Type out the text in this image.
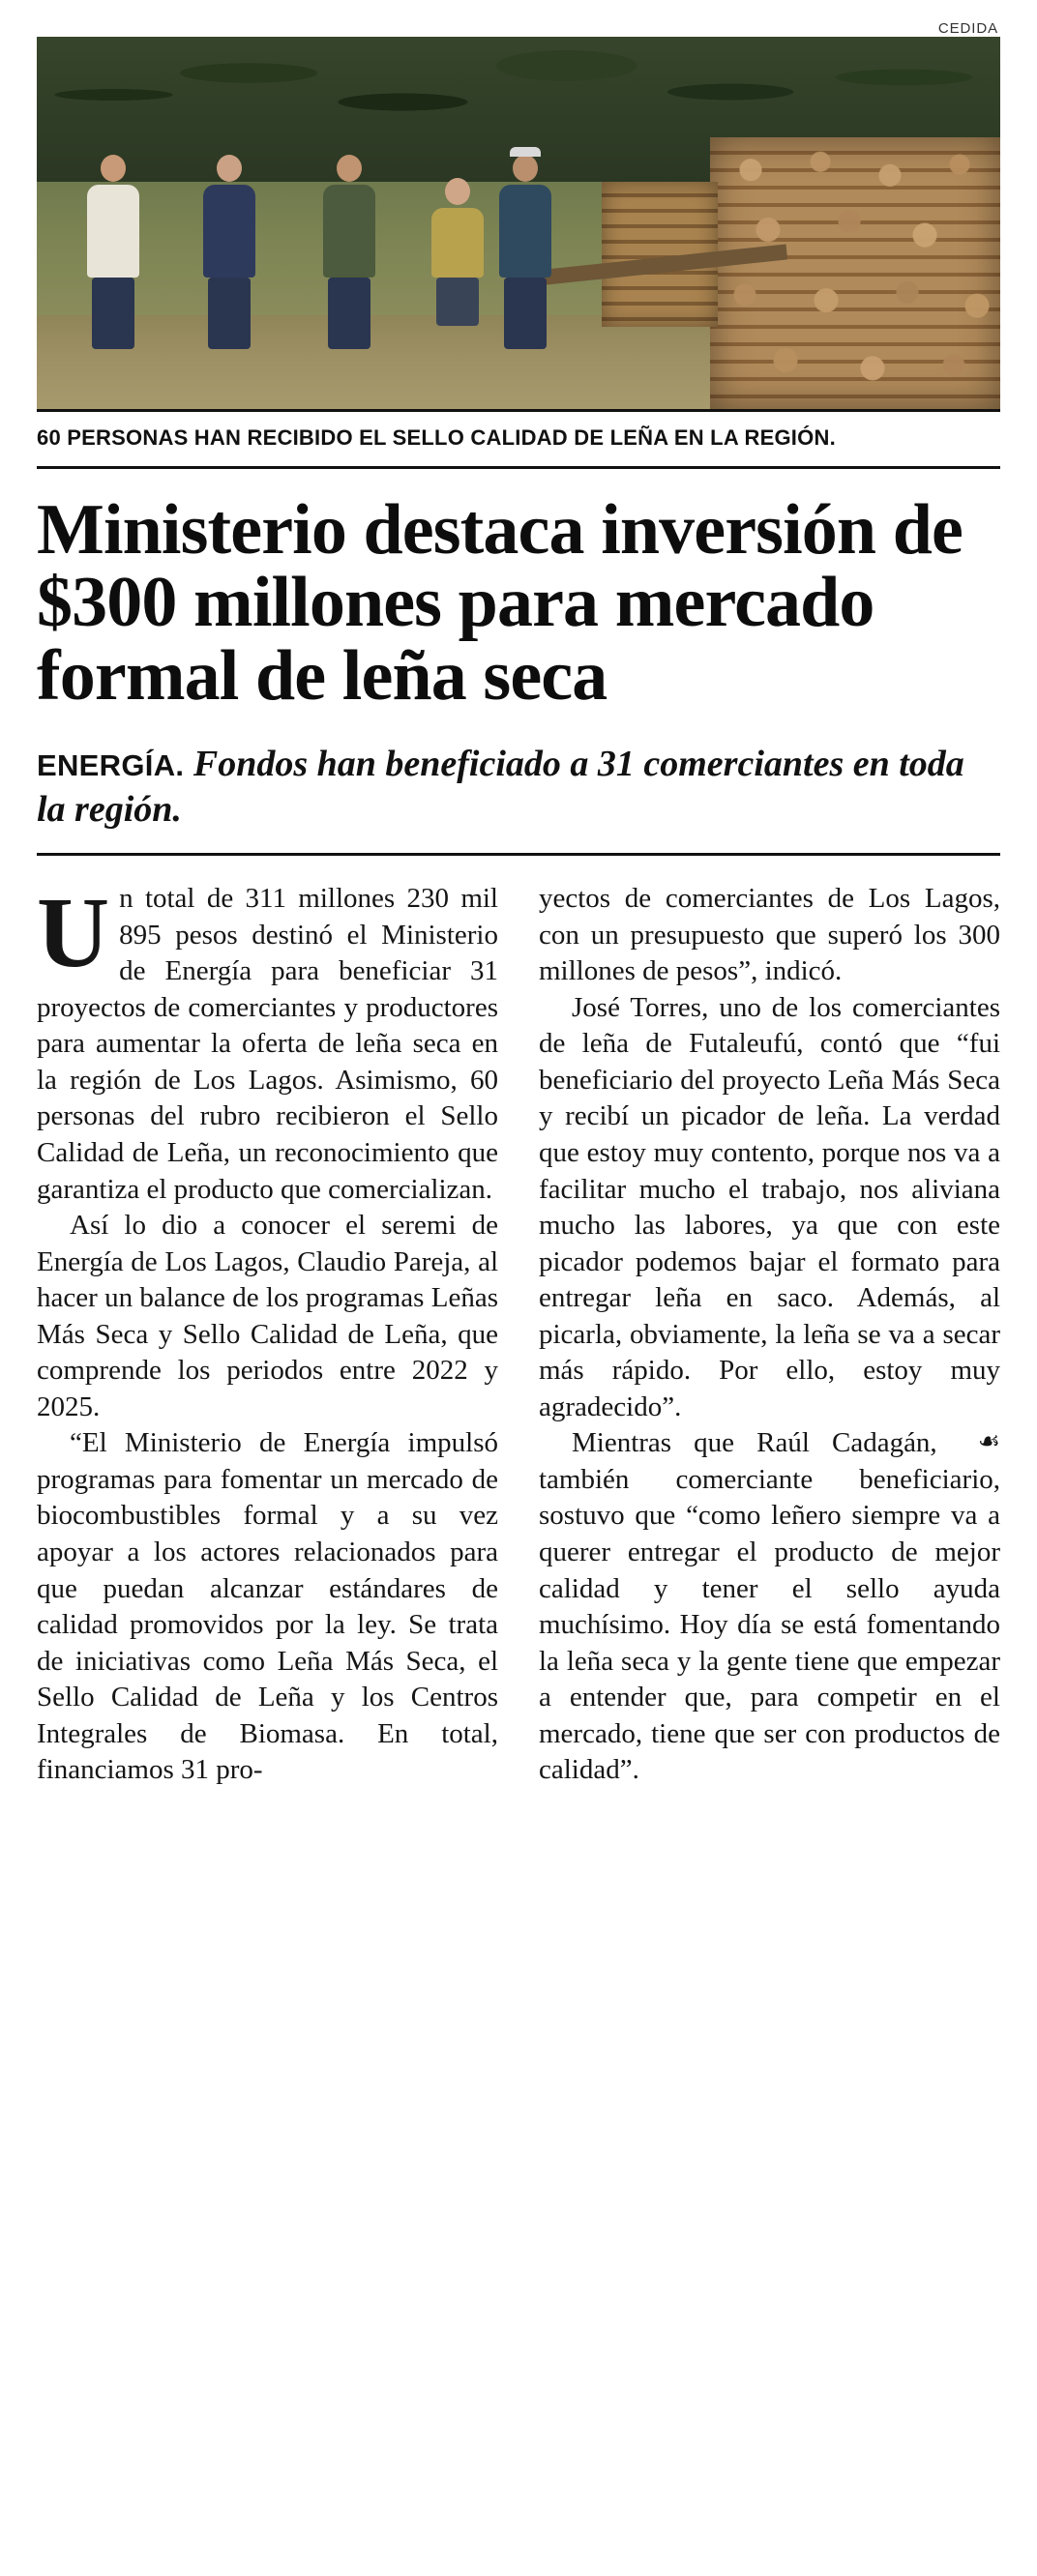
CEDIDA
60 PERSONAS HAN RECIBIDO EL SELLO CALIDAD DE LEÑA EN LA REGIÓN.
Ministerio destaca inversión de $300 millones para mercado formal de leña seca
ENERGÍA. Fondos han beneficiado a 31 comerciantes en toda la región.

Un total de 311 millones 230 mil 895 pesos destinó el Ministerio de Energía para beneficiar 31 proyectos de comerciantes y productores para aumentar la oferta de leña seca en la región de Los Lagos. Asimismo, 60 personas del rubro recibieron el Sello Calidad de Leña, un reconocimiento que garantiza el producto que comercializan.

Así lo dio a conocer el seremi de Energía de Los Lagos, Claudio Pareja, al hacer un balance de los programas Leñas Más Seca y Sello Calidad de Leña, que comprende los periodos entre 2022 y 2025.

“El Ministerio de Energía impulsó programas para fomentar un mercado de biocombustibles formal y a su vez apoyar a los actores relacionados para que puedan alcanzar estándares de calidad promovidos por la ley. Se trata de iniciativas como Leña Más Seca, el Sello Calidad de Leña y los Centros Integrales de Biomasa. En total, financiamos 31 pro-

yectos de comerciantes de Los Lagos, con un presupuesto que superó los 300 millones de pesos”, indicó.

José Torres, uno de los comerciantes de leña de Futaleufú, contó que “fui beneficiario del proyecto Leña Más Seca y recibí un picador de leña. La verdad que estoy muy contento, porque nos va a facilitar mucho el trabajo, nos aliviana mucho las labores, ya que con este picador podemos bajar el formato para entregar leña en saco. Además, al picarla, obviamente, la leña se va a secar más rápido. Por ello, estoy muy agradecido”.

☙
Mientras que Raúl Cadagán, también comerciante beneficiario, sostuvo que “como leñero siempre va a querer entregar el producto de mejor calidad y tener el sello ayuda muchísimo. Hoy día se está fomentando la leña seca y la gente tiene que empezar a entender que, para competir en el mercado, tiene que ser con productos de calidad”.
